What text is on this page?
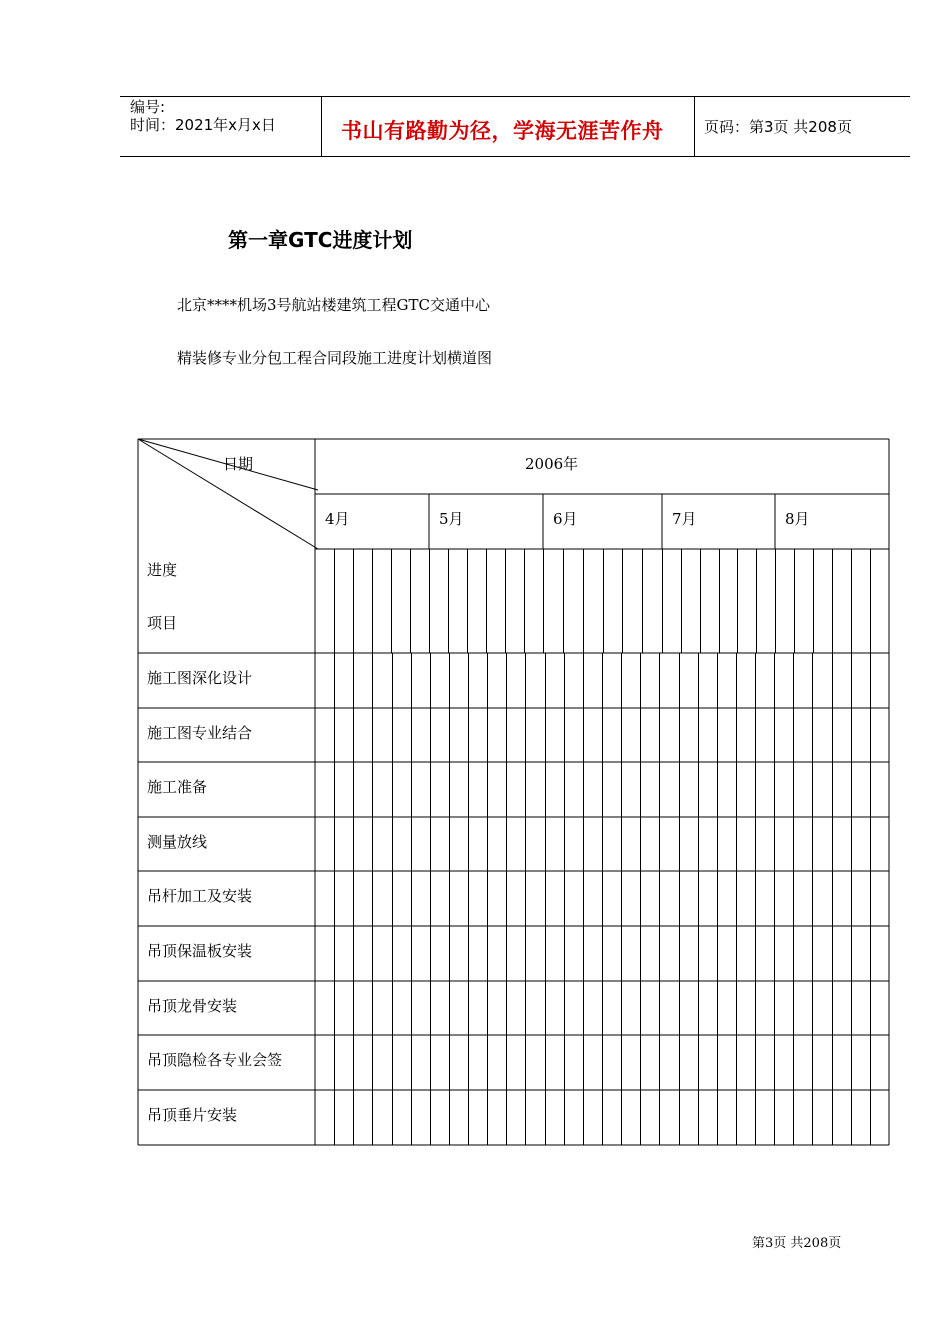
编号:
时间：2021年x月x日	书山有路勤为径，学海无涯苦作舟	页码：第3页 共208页
第一章GTC进度计划
北京****机场3号航站楼建筑工程GTC交通中心
精装修专业分包工程合同段施工进度计划横道图
日期	2006年
4月	5月	6月	7月	8月
进度
项目
施工图深化设计
施工图专业结合
施工准备
测量放线
吊杆加工及安装
吊顶保温板安装
吊顶龙骨安装
吊顶隐检各专业会签
吊顶垂片安装
第3页 共208页
